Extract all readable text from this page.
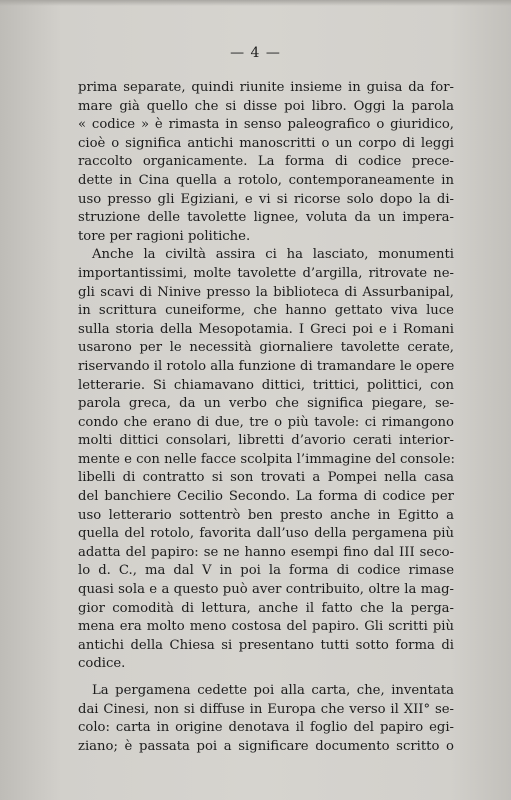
— 4 —
prima separate, quindi riunite insieme in guisa da for-
mare già quello che si disse poi libro. Oggi la parola
« codice » è rimasta in senso paleografico o giuridico,
cioè o significa antichi manoscritti o un corpo di leggi
raccolto organicamente. La forma di codice prece-
dette in Cina quella a rotolo, contemporaneamente in
uso presso gli Egiziani, e vi si ricorse solo dopo la di-
struzione delle tavolette lignee, voluta da un impera-
tore per ragioni politiche.
Anche la civiltà assira ci ha lasciato, monumenti
importantissimi, molte tavolette d’argilla, ritrovate ne-
gli scavi di Ninive presso la biblioteca di Assurbanipal,
in scrittura cuneiforme, che hanno gettato viva luce
sulla storia della Mesopotamia. I Greci poi e i Romani
usarono per le necessità giornaliere tavolette cerate,
riservando il rotolo alla funzione di tramandare le opere
letterarie. Si chiamavano dittici, trittici, polittici, con
parola greca, da un verbo che significa piegare, se-
condo che erano di due, tre o più tavole: ci rimangono
molti dittici consolari, libretti d’avorio cerati interior-
mente e con nelle facce scolpita l’immagine del console:
libelli di contratto si son trovati a Pompei nella casa
del banchiere Cecilio Secondo. La forma di codice per
uso letterario sottentrò ben presto anche in Egitto a
quella del rotolo, favorita dall’uso della pergamena più
adatta del papiro: se ne hanno esempi fino dal III seco-
lo d. C., ma dal V in poi la forma di codice rimase
quasi sola e a questo può aver contribuito, oltre la mag-
gior comodità di lettura, anche il fatto che la perga-
mena era molto meno costosa del papiro. Gli scritti più
antichi della Chiesa si presentano tutti sotto forma di
codice.
La pergamena cedette poi alla carta, che, inventata
dai Cinesi, non si diffuse in Europa che verso il XII° se-
colo: carta in origine denotava il foglio del papiro egi-
ziano; è passata poi a significare documento scritto o
